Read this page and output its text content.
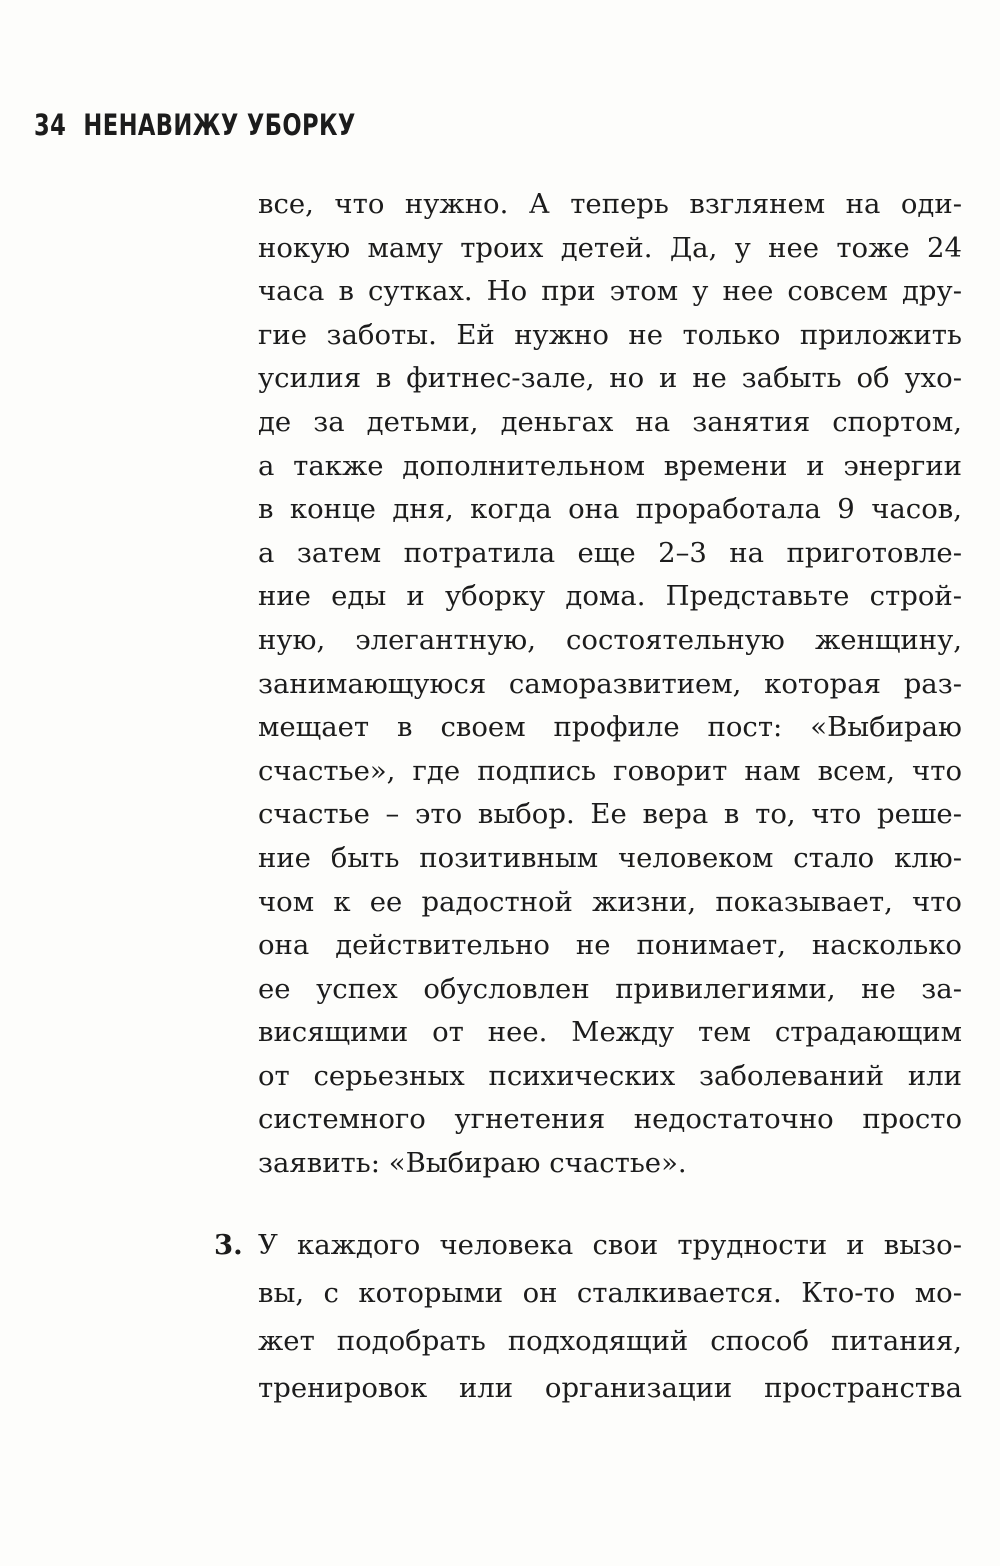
34 НЕНАВИЖУ УБОРКУ
все, что нужно. А теперь взглянем на оди-
нокую маму троих детей. Да, у нее тоже 24
часа в сутках. Но при этом у нее совсем дру-
гие заботы. Ей нужно не только приложить
усилия в фитнес-зале, но и не забыть об ухо-
де за детьми, деньгах на занятия спортом,
а также дополнительном времени и энергии
в конце дня, когда она проработала 9 часов,
а затем потратила еще 2–3 на приготовле-
ние еды и уборку дома. Представьте строй-
ную, элегантную, состоятельную женщину,
занимающуюся саморазвитием, которая раз-
мещает в своем профиле пост: «Выбираю
счастье», где подпись говорит нам всем, что
счастье – это выбор. Ее вера в то, что реше-
ние быть позитивным человеком стало клю-
чом к ее радостной жизни, показывает, что
она действительно не понимает, насколько
ее успех обусловлен привилегиями, не за-
висящими от нее. Между тем страдающим
от серьезных психических заболеваний или
системного угнетения недостаточно просто
заявить: «Выбираю счастье».
3. У каждого человека свои трудности и вызо-
вы, с которыми он сталкивается. Кто-то мо-
жет подобрать подходящий способ питания,
тренировок или организации пространства
